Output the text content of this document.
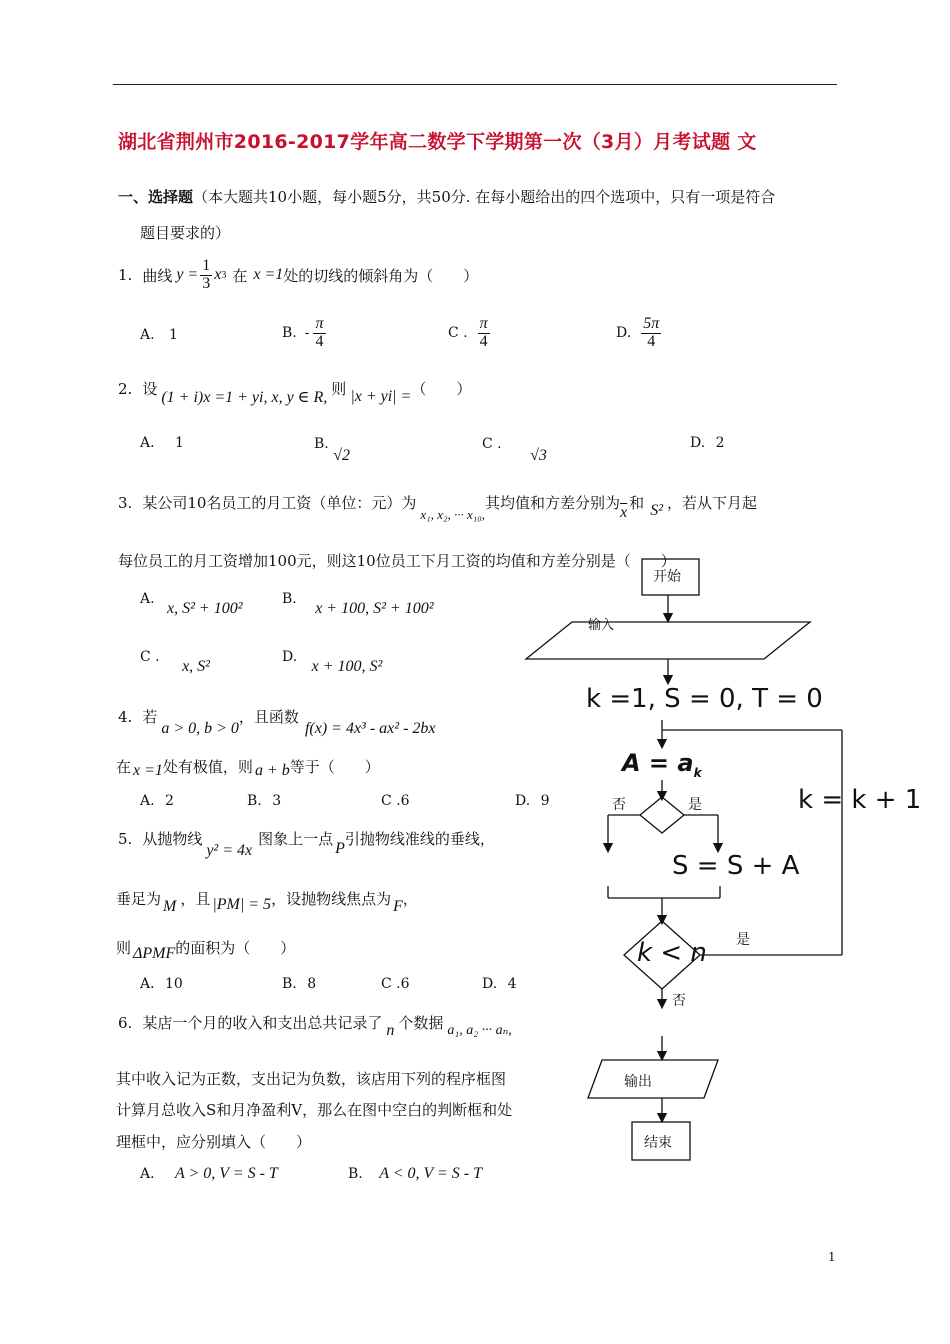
湖北省荆州市2016-2017学年高二数学下学期第一次（3月）月考试题 文
一、选择题（本大题共10小题，每小题5分，共50分. 在每小题给出的四个选项中，只有一项是符合
题目要求的）
1. 曲线 $y = \frac{1}{3}$ x 3 在 x =1 处的切线的倾斜角为（　　）
A. 1	B. - $\frac{\pi}{4}$	C . $\frac{\pi}{4}$	D. $\frac{5\pi}{4}$
2. 设 (1 + i)x =1 + yi, x, y ∈ R, 则 |x + yi| = （　　）
A. 1	B. √2
C . √3
D. 2
3. 某公司10名员工的月工资（单位：元）为
x₁, x₂, ··· x₁₀,
其均值和方差分别为 $\overline{x}$ 和 S² ，若从下月起
每位员工的月工资增加100元，则这10位员工下月工资的均值和方差分别是（　　）
A. x, S² + 100²
B. x + 100, S² + 100²
C . x, S²
D. x + 100, S²
4. 若
a > 0, b > 0
，且函数
f(x) = 4x³ - ax² - 2bx
在 x =1 处有极值，则 a + b 等于（　　）
A. 2	B. 3	C .6	D. 9
5. 从抛物线
y² = 4x
图象上一点 P 引抛物线准线的垂线，
垂足为 M ，且 |PM| = 5 ，设抛物线焦点为 F ，
则 ΔPMF 的面积为（　　）
A. 10	B. 8	C .6	D. 4
6. 某店一个月的收入和支出总共记录了 n 个数据 a₁, a₂ ··· aₙ,
其中收入记为正数，支出记为负数，该店用下列的程序框图
计算月总收入S和月净盈利V，那么在图中空白的判断框和处
理框中，应分别填入（　　）
A. A > 0, V = S - T	B. A < 0, V = S - T
开始
输入
k =1, S = 0, T = 0
$A = a_k$
否	是
S = S + A
k = k + 1
k < n 是
否
输出
结束
1
